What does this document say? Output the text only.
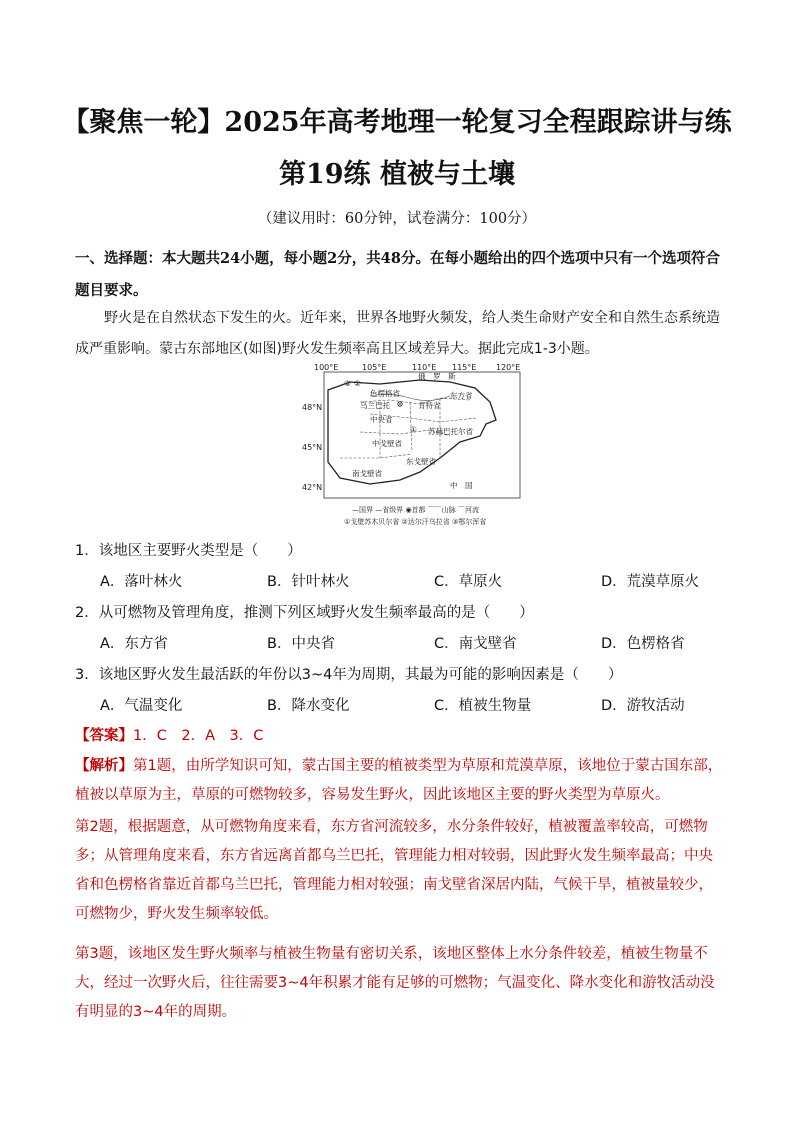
【聚焦一轮】2025年高考地理一轮复习全程跟踪讲与练
第19练 植被与土壤
（建议用时：60分钟，试卷满分：100分）
一、选择题：本大题共24小题，每小题2分，共48分。在每小题给出的四个选项中只有一个选项符合题目要求。
野火是在自然状态下发生的火。近年来，世界各地野火频发，给人类生命财产安全和自然生态系统造成严重影响。蒙古东部地区(如图)野火发生频率高且区域差异大。据此完成1-3小题。
100°E	105°E	110°E 115°E 120°E
48°N
45°N
42°N
俄　罗　斯
中　国
色楞格省
乌兰巴托	肯特省
东方省
中央省
苏赫巴托尔省
中戈壁省
东戈壁省
南戈壁省
③ ②
①
—国界 —省级界 ◉首都 ⌒⌒山脉 ⌒河流
①戈壁苏木贝尔省 ②达尔汗乌拉省 ③鄂尔浑省
1．该地区主要野火类型是（　　）
A．落叶林火	B．针叶林火	C．草原火	D．荒漠草原火
2．从可燃物及管理角度，推测下列区域野火发生频率最高的是（　　）
A．东方省	B．中央省	C．南戈壁省	D．色楞格省
3．该地区野火发生最活跃的年份以3~4年为周期，其最为可能的影响因素是（　　）
A．气温变化	B．降水变化	C．植被生物量	D．游牧活动
【答案】1．C　2．A　3．C
【解析】第1题，由所学知识可知，蒙古国主要的植被类型为草原和荒漠草原，该地位于蒙古国东部，植被以草原为主，草原的可燃物较多，容易发生野火，因此该地区主要的野火类型为草原火。
第2题，根据题意，从可燃物角度来看，东方省河流较多，水分条件较好，植被覆盖率较高，可燃物多；从管理角度来看，东方省远离首都乌兰巴托，管理能力相对较弱，因此野火发生频率最高；中央省和色楞格省靠近首都乌兰巴托，管理能力相对较强；南戈壁省深居内陆，气候干旱，植被量较少，可燃物少，野火发生频率较低。
第3题，该地区发生野火频率与植被生物量有密切关系，该地区整体上水分条件较差，植被生物量不大，经过一次野火后，往往需要3~4年积累才能有足够的可燃物；气温变化、降水变化和游牧活动没有明显的3~4年的周期。
